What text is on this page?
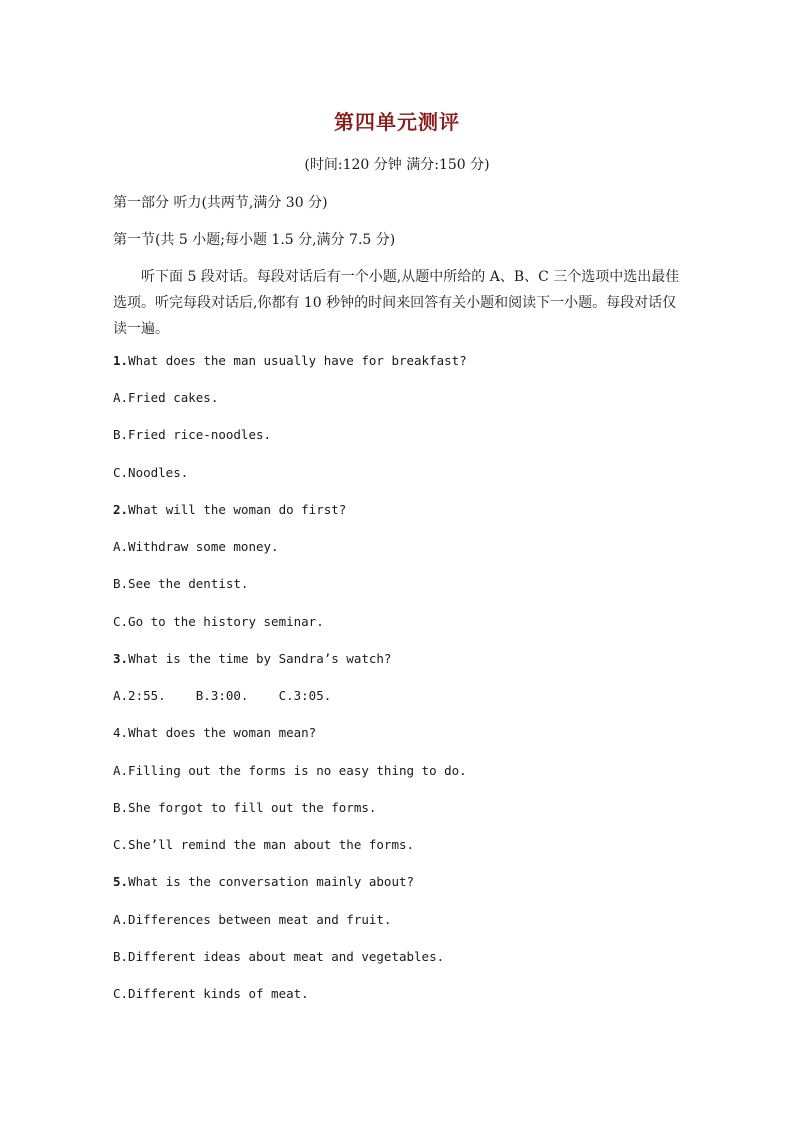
第四单元测评
(时间:120 分钟 满分:150 分)
第一部分 听力(共两节,满分 30 分)
第一节(共 5 小题;每小题 1.5 分,满分 7.5 分)
听下面 5 段对话。每段对话后有一个小题,从题中所给的 A、B、C 三个选项中选出最佳选项。听完每段对话后,你都有 10 秒钟的时间来回答有关小题和阅读下一小题。每段对话仅读一遍。
1.What does the man usually have for breakfast?
A.Fried cakes.
B.Fried rice-noodles.
C.Noodles.
2.What will the woman do first?
A.Withdraw some money.
B.See the dentist.
C.Go to the history seminar.
3.What is the time by Sandra’s watch?
A.2:55.    B.3:00.    C.3:05.
4.What does the woman mean?
A.Filling out the forms is no easy thing to do.
B.She forgot to fill out the forms.
C.She’ll remind the man about the forms.
5.What is the conversation mainly about?
A.Differences between meat and fruit.
B.Different ideas about meat and vegetables.
C.Different kinds of meat.
